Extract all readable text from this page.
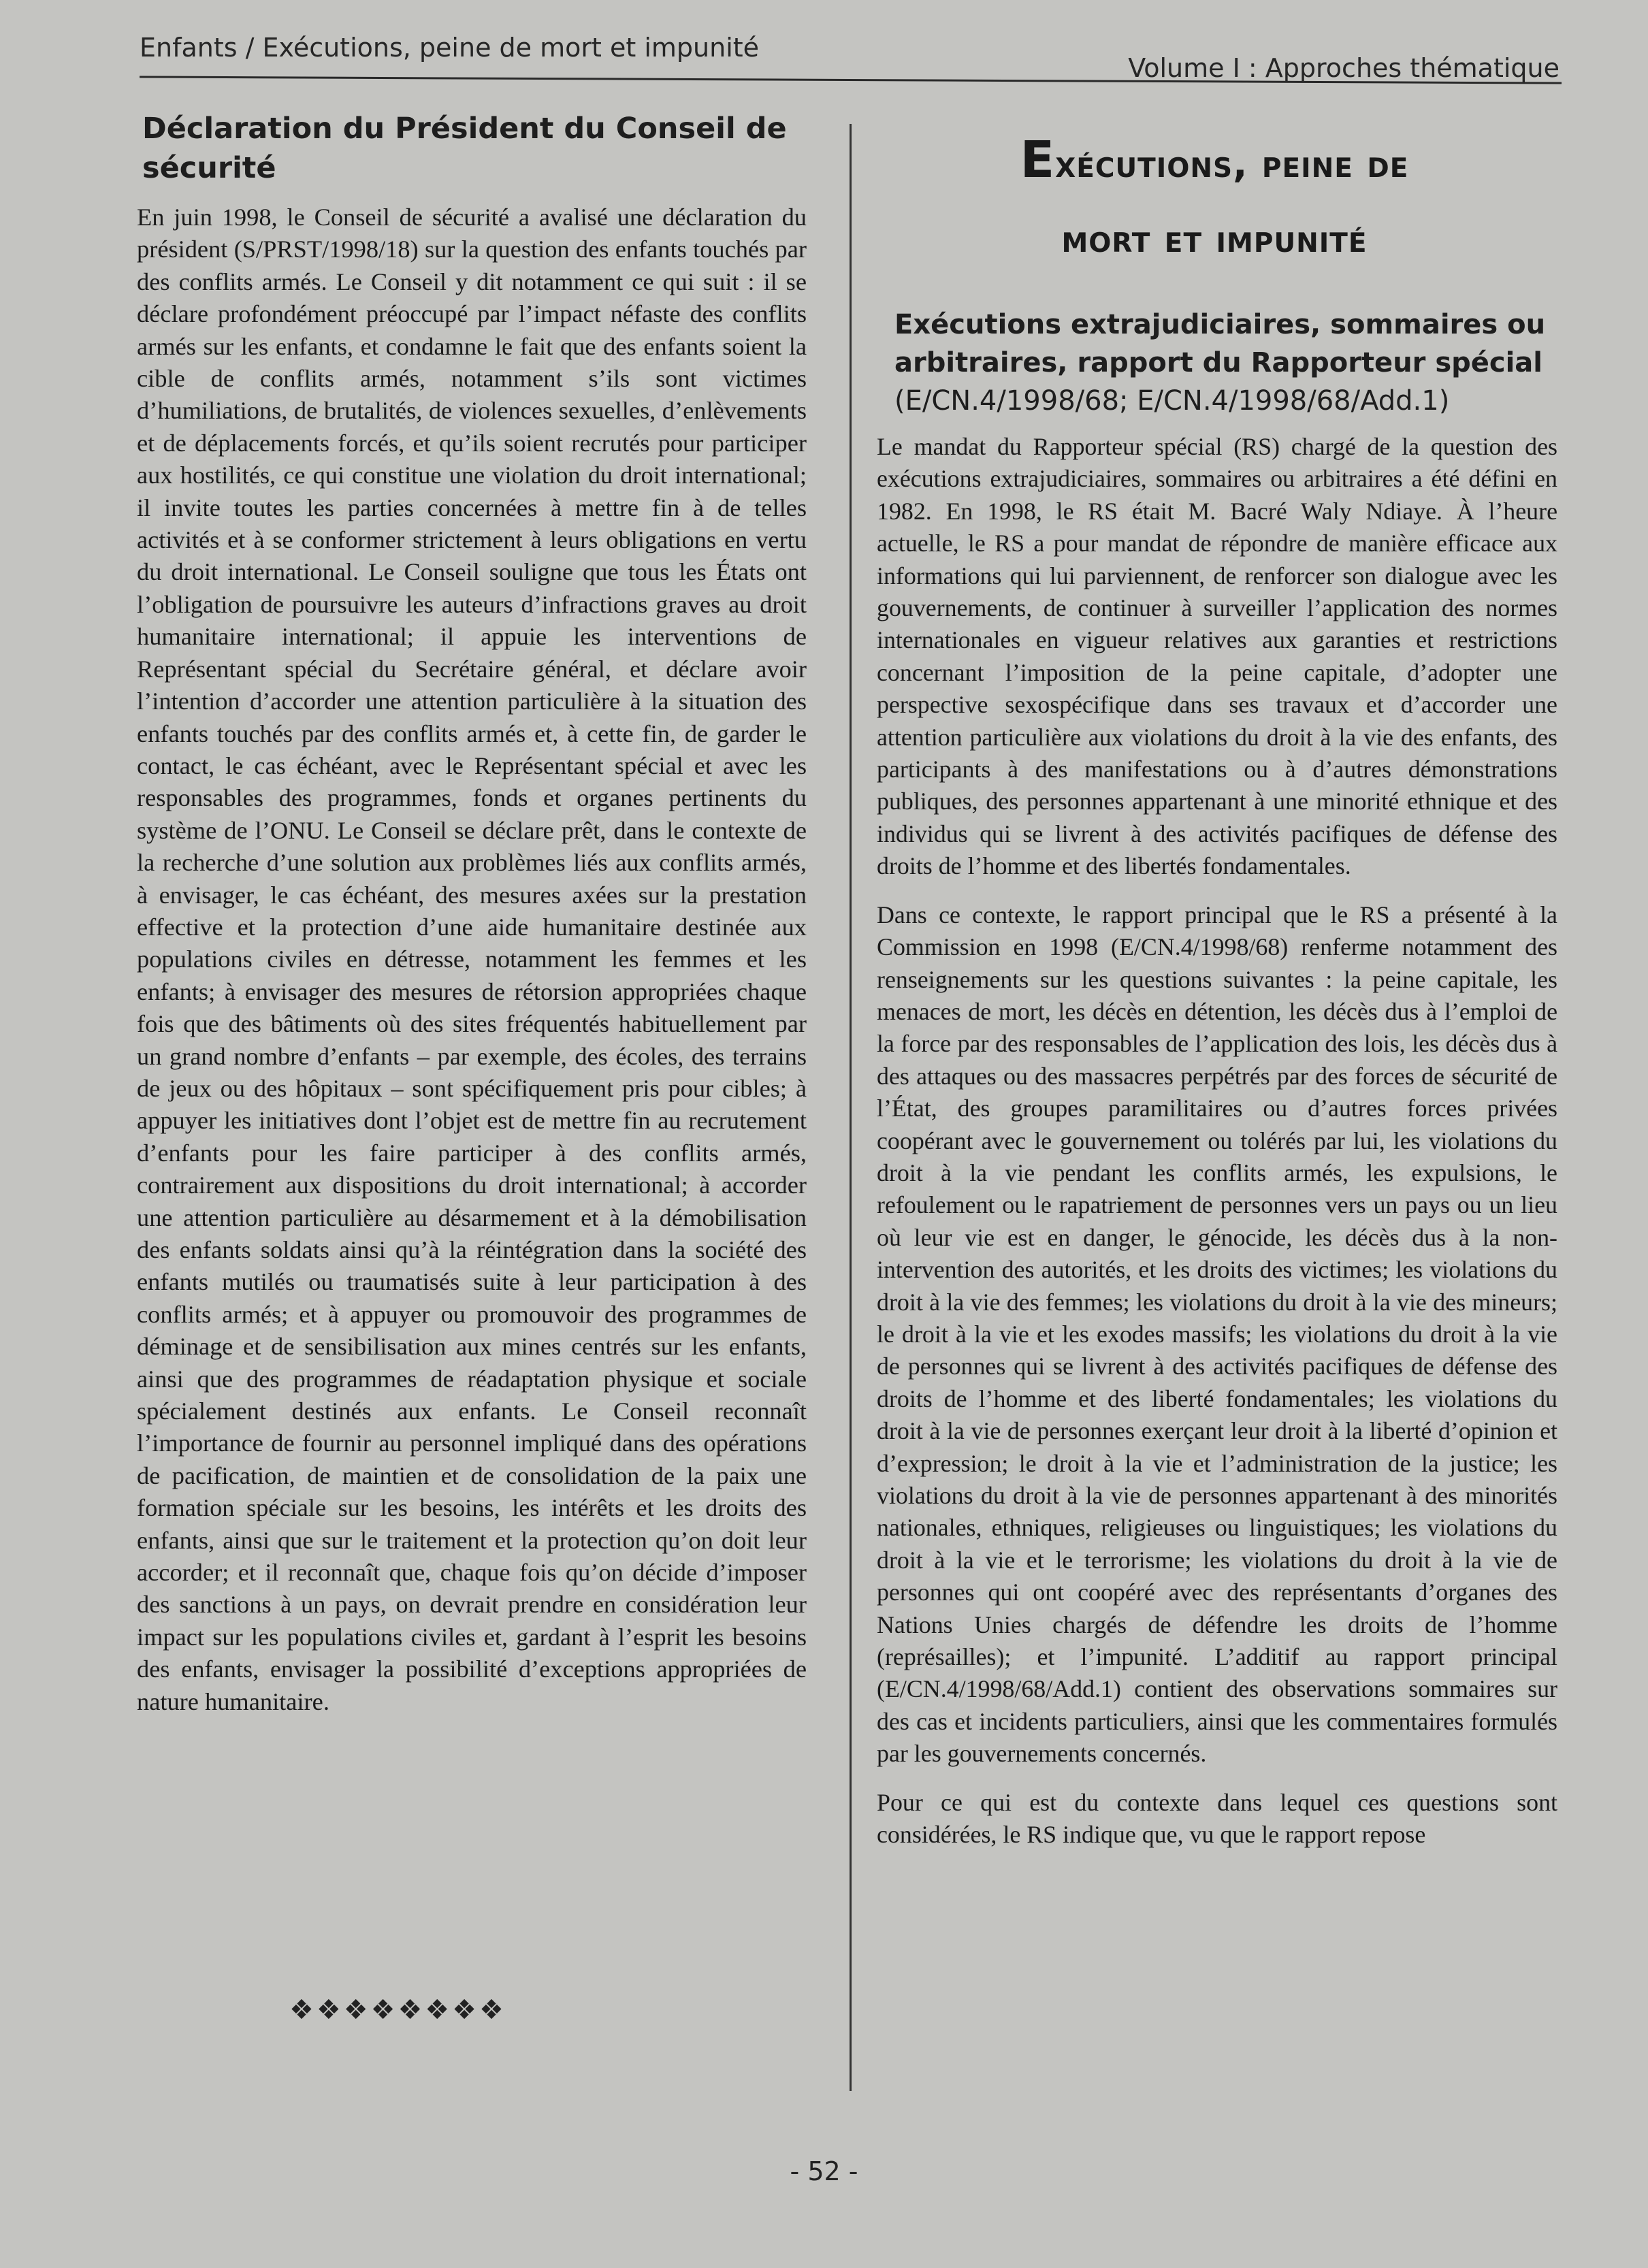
Enfants / Exécutions, peine de mort et impunité
Volume I : Approches thématique
Déclaration du Président du Conseil de sécurité

En juin 1998, le Conseil de sécurité a avalisé une déclaration du président (S/PRST/1998/18) sur la question des enfants touchés par des conflits armés. Le Conseil y dit notamment ce qui suit : il se déclare profondément préoccupé par l’impact néfaste des conflits armés sur les enfants, et condamne le fait que des enfants soient la cible de conflits armés, notamment s’ils sont victimes d’humiliations, de brutalités, de violences sexuelles, d’enlèvements et de déplacements forcés, et qu’ils soient recrutés pour participer aux hostilités, ce qui constitue une violation du droit international; il invite toutes les parties concernées à mettre fin à de telles activités et à se conformer strictement à leurs obligations en vertu du droit international. Le Conseil souligne que tous les États ont l’obligation de poursuivre les auteurs d’infractions graves au droit humanitaire international; il appuie les interventions de Représentant spécial du Secrétaire général, et déclare avoir l’intention d’accorder une attention particulière à la situation des enfants touchés par des conflits armés et, à cette fin, de garder le contact, le cas échéant, avec le Représentant spécial et avec les responsables des programmes, fonds et organes pertinents du système de l’ONU. Le Conseil se déclare prêt, dans le contexte de la recherche d’une solution aux problèmes liés aux conflits armés, à envisager, le cas échéant, des mesures axées sur la prestation effective et la protection d’une aide humanitaire destinée aux populations civiles en détresse, notamment les femmes et les enfants; à envisager des mesures de rétorsion appropriées chaque fois que des bâtiments où des sites fréquentés habituellement par un grand nombre d’enfants – par exemple, des écoles, des terrains de jeux ou des hôpitaux – sont spécifiquement pris pour cibles; à appuyer les initiatives dont l’objet est de mettre fin au recrutement d’enfants pour les faire participer à des conflits armés, contrairement aux dispositions du droit international; à accorder une attention particulière au désarmement et à la démobilisation des enfants soldats ainsi qu’à la réintégration dans la société des enfants mutilés ou traumatisés suite à leur participation à des conflits armés; et à appuyer ou promouvoir des programmes de déminage et de sensibilisation aux mines centrés sur les enfants, ainsi que des programmes de réadaptation physique et sociale spécialement destinés aux enfants. Le Conseil reconnaît l’importance de fournir au personnel impliqué dans des opérations de pacification, de maintien et de consolidation de la paix une formation spéciale sur les besoins, les intérêts et les droits des enfants, ainsi que sur le traitement et la protection qu’on doit leur accorder; et il reconnaît que, chaque fois qu’on décide d’imposer des sanctions à un pays, on devrait prendre en considération leur impact sur les populations civiles et, gardant à l’esprit les besoins des enfants, envisager la possibilité d’exceptions appropriées de nature humanitaire.

❖❖❖❖❖❖❖❖
Exécutions, peine de
mort et impunité
Exécutions extrajudiciaires, sommaires ou arbitraires, rapport du Rapporteur spécial (E/CN.4/1998/68; E/CN.4/1998/68/Add.1)

Le mandat du Rapporteur spécial (RS) chargé de la question des exécutions extrajudiciaires, sommaires ou arbitraires a été défini en 1982. En 1998, le RS était M. Bacré Waly Ndiaye. À l’heure actuelle, le RS a pour mandat de répondre de manière efficace aux informations qui lui parviennent, de renforcer son dialogue avec les gouvernements, de continuer à surveiller l’application des normes internationales en vigueur relatives aux garanties et restrictions concernant l’imposition de la peine capitale, d’adopter une perspective sexospécifique dans ses travaux et d’accorder une attention particulière aux violations du droit à la vie des enfants, des participants à des manifestations ou à d’autres démonstrations publiques, des personnes appartenant à une minorité ethnique et des individus qui se livrent à des activités pacifiques de défense des droits de l’homme et des libertés fondamentales.

Dans ce contexte, le rapport principal que le RS a présenté à la Commission en 1998 (E/CN.4/1998/68) renferme notamment des renseignements sur les questions suivantes : la peine capitale, les menaces de mort, les décès en détention, les décès dus à l’emploi de la force par des responsables de l’application des lois, les décès dus à des attaques ou des massacres perpétrés par des forces de sécurité de l’État, des groupes paramilitaires ou d’autres forces privées coopérant avec le gouvernement ou tolérés par lui, les violations du droit à la vie pendant les conflits armés, les expulsions, le refoulement ou le rapatriement de personnes vers un pays ou un lieu où leur vie est en danger, le génocide, les décès dus à la non-intervention des autorités, et les droits des victimes; les violations du droit à la vie des femmes; les violations du droit à la vie des mineurs; le droit à la vie et les exodes massifs; les violations du droit à la vie de personnes qui se livrent à des activités pacifiques de défense des droits de l’homme et des liberté fondamentales; les violations du droit à la vie de personnes exerçant leur droit à la liberté d’opinion et d’expression; le droit à la vie et l’administration de la justice; les violations du droit à la vie de personnes appartenant à des minorités nationales, ethniques, religieuses ou linguistiques; les violations du droit à la vie et le terrorisme; les violations du droit à la vie de personnes qui ont coopéré avec des représentants d’organes des Nations Unies chargés de défendre les droits de l’homme (représailles); et l’impunité. L’additif au rapport principal (E/CN.4/1998/68/Add.1) contient des observations sommaires sur des cas et incidents particuliers, ainsi que les commentaires formulés par les gouvernements concernés.

Pour ce qui est du contexte dans lequel ces questions sont considérées, le RS indique que, vu que le rapport repose

- 52 -
